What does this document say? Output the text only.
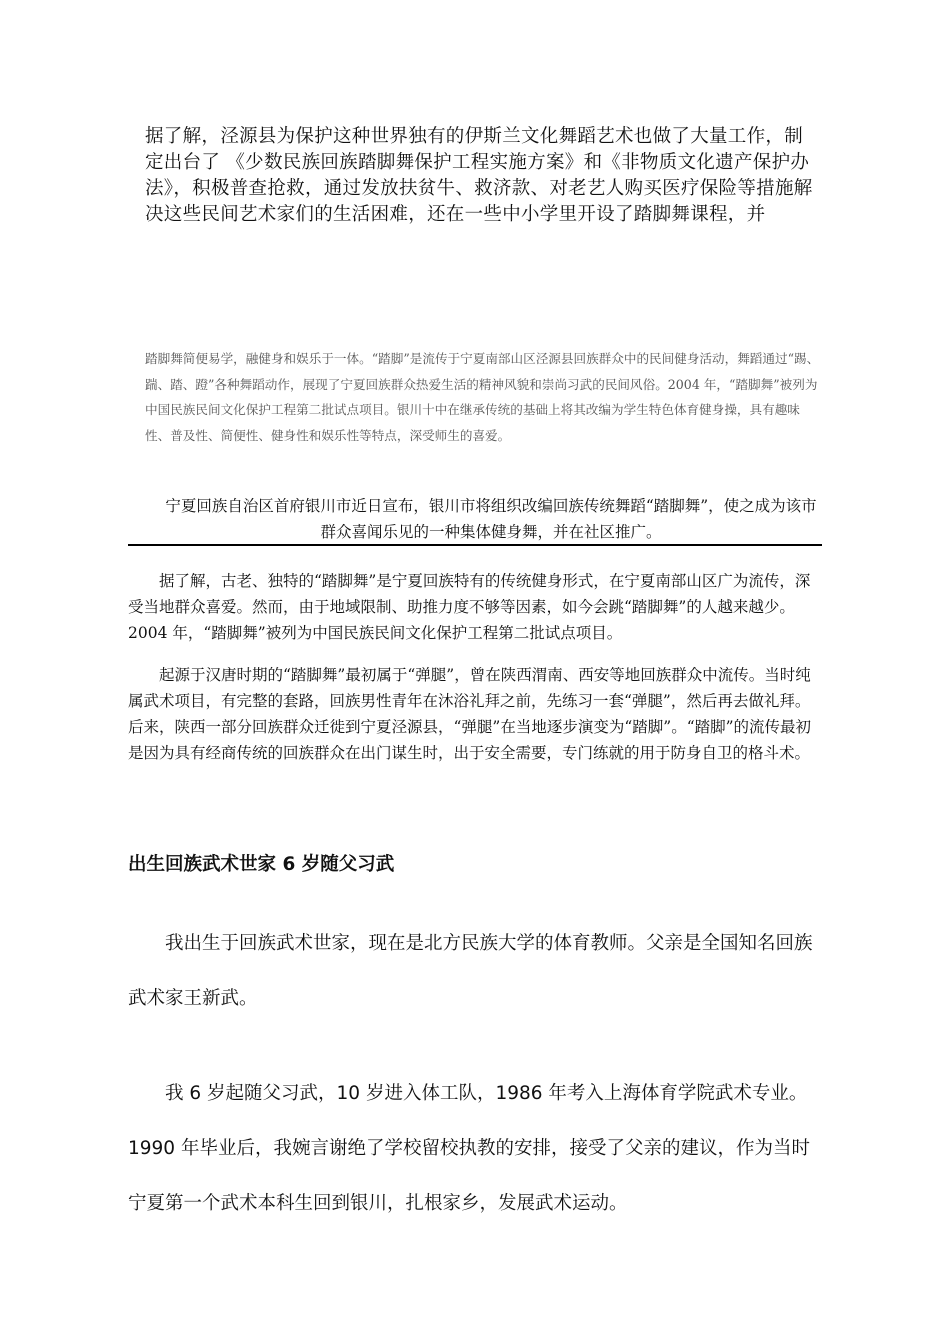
据了解，泾源县为保护这种世界独有的伊斯兰文化舞蹈艺术也做了大量工作，制定出台了 《少数民族回族踏脚舞保护工程实施方案》和《非物质文化遗产保护办法》，积极普查抢救，通过发放扶贫牛、救济款、对老艺人购买医疗保险等措施解决这些民间艺术家们的生活困难，还在一些中小学里开设了踏脚舞课程，并
踏脚舞简便易学，融健身和娱乐于一体。“踏脚”是流传于宁夏南部山区泾源县回族群众中的民间健身活动，舞蹈通过“踢、踹、踏、蹬”各种舞蹈动作，展现了宁夏回族群众热爱生活的精神风貌和崇尚习武的民间风俗。2004 年，“踏脚舞”被列为中国民族民间文化保护工程第二批试点项目。银川十中在继承传统的基础上将其改编为学生特色体育健身操，具有趣味性、普及性、简便性、健身性和娱乐性等特点，深受师生的喜爱。
宁夏回族自治区首府银川市近日宣布，银川市将组织改编回族传统舞蹈“踏脚舞”，使之成为该市群众喜闻乐见的一种集体健身舞，并在社区推广。

据了解，古老、独特的“踏脚舞”是宁夏回族特有的传统健身形式，在宁夏南部山区广为流传，深受当地群众喜爱。然而，由于地域限制、助推力度不够等因素，如今会跳“踏脚舞”的人越来越少。2004 年，“踏脚舞”被列为中国民族民间文化保护工程第二批试点项目。

起源于汉唐时期的“踏脚舞”最初属于“弹腿”，曾在陕西渭南、西安等地回族群众中流传。当时纯属武术项目，有完整的套路，回族男性青年在沐浴礼拜之前，先练习一套“弹腿”，然后再去做礼拜。后来，陕西一部分回族群众迁徙到宁夏泾源县，“弹腿”在当地逐步演变为“踏脚”。“踏脚”的流传最初是因为具有经商传统的回族群众在出门谋生时，出于安全需要，专门练就的用于防身自卫的格斗术。

出生回族武术世家 6 岁随父习武

我出生于回族武术世家，现在是北方民族大学的体育教师。父亲是全国知名回族武术家王新武。

我 6 岁起随父习武，10 岁进入体工队，1986 年考入上海体育学院武术专业。1990 年毕业后，我婉言谢绝了学校留校执教的安排，接受了父亲的建议，作为当时宁夏第一个武术本科生回到银川，扎根家乡，发展武术运动。
